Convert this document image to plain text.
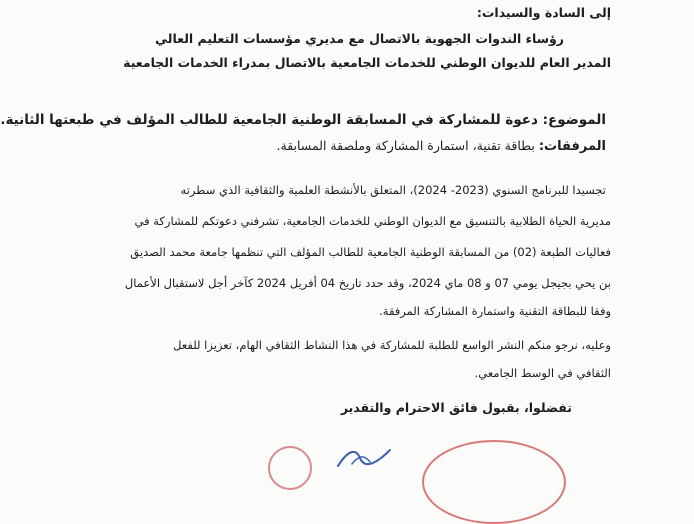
إلى السادة والسيدات:
رؤساء الندوات الجهوية بالاتصال مع مديري مؤسسات التعليم العالي
المدير العام للديوان الوطني للخدمات الجامعية بالاتصال بمدراء الخدمات الجامعية
الموضوع: دعوة للمشاركة في المسابقة الوطنية الجامعية للطالب المؤلف في طبعتها الثانية.
المرفقات: بطاقة تقنية، استمارة المشاركة وملصقة المسابقة.
تجسيدا للبرنامج السنوي (2023- 2024)، المتعلق بالأنشطة العلمية والثقافية الذي سطرته
مديرية الحياة الطلابية بالتنسيق مع الديوان الوطني للخدمات الجامعية، تشرفني دعوتكم للمشاركة في
فعاليات الطبعة (02) من المسابقة الوطنية الجامعية للطالب المؤلف التي تنظمها جامعة محمد الصديق
بن يحي بجيجل يومي 07 و 08 ماي 2024، وقد حدد تاريخ 04 أفريل 2024 كآخر أجل لاستقبال الأعمال
وفقا للبطاقة التقنية واستمارة المشاركة المرفقة.
وعليه، نرجو منكم النشر الواسع للطلبة للمشاركة في هذا النشاط الثقافي الهام، تعزيزا للفعل
الثقافي في الوسط الجامعي.
تفضلوا، بقبول فائق الاحترام والتقدير
